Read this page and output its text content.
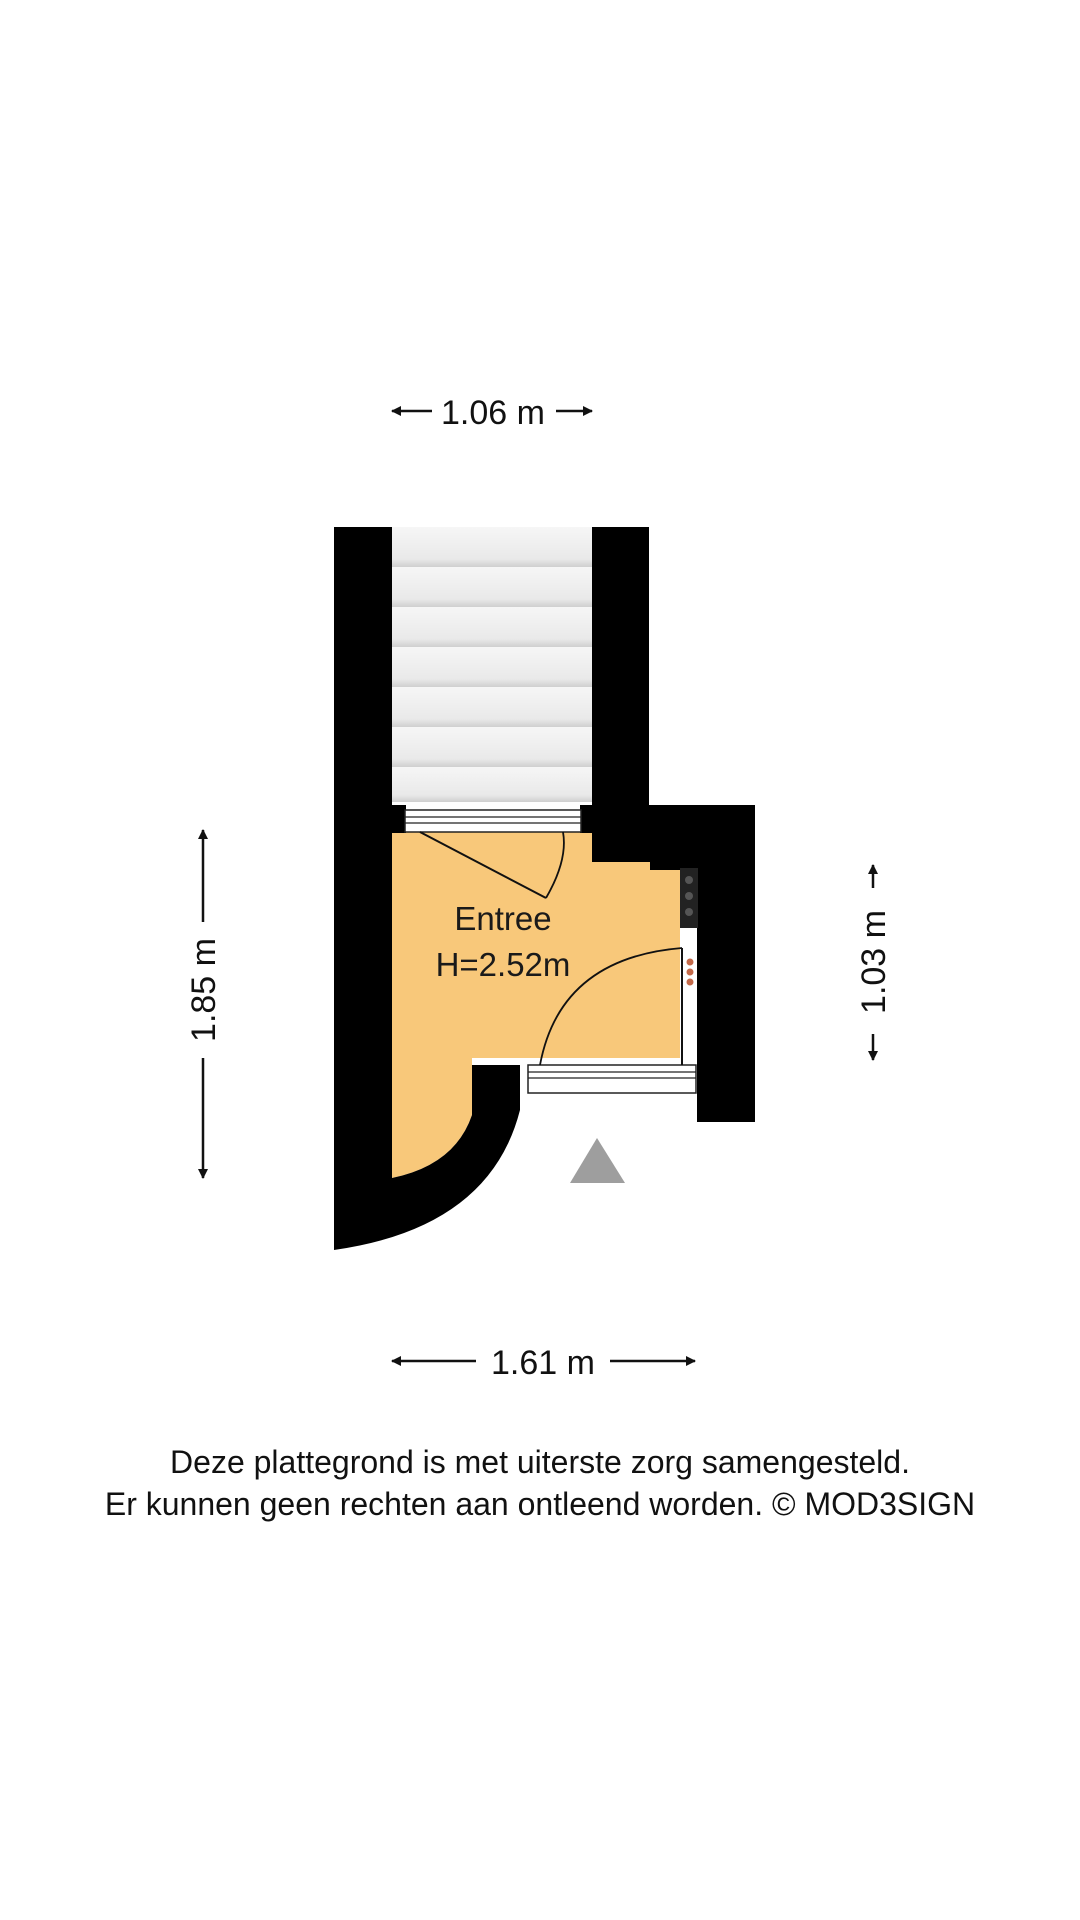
Entree
H=2.52m
1.06 m
1.85 m	1.03 m
1.61 m
Deze plattegrond is met uiterste zorg samengesteld.
Er kunnen geen rechten aan ontleend worden. © MOD3SIGN
